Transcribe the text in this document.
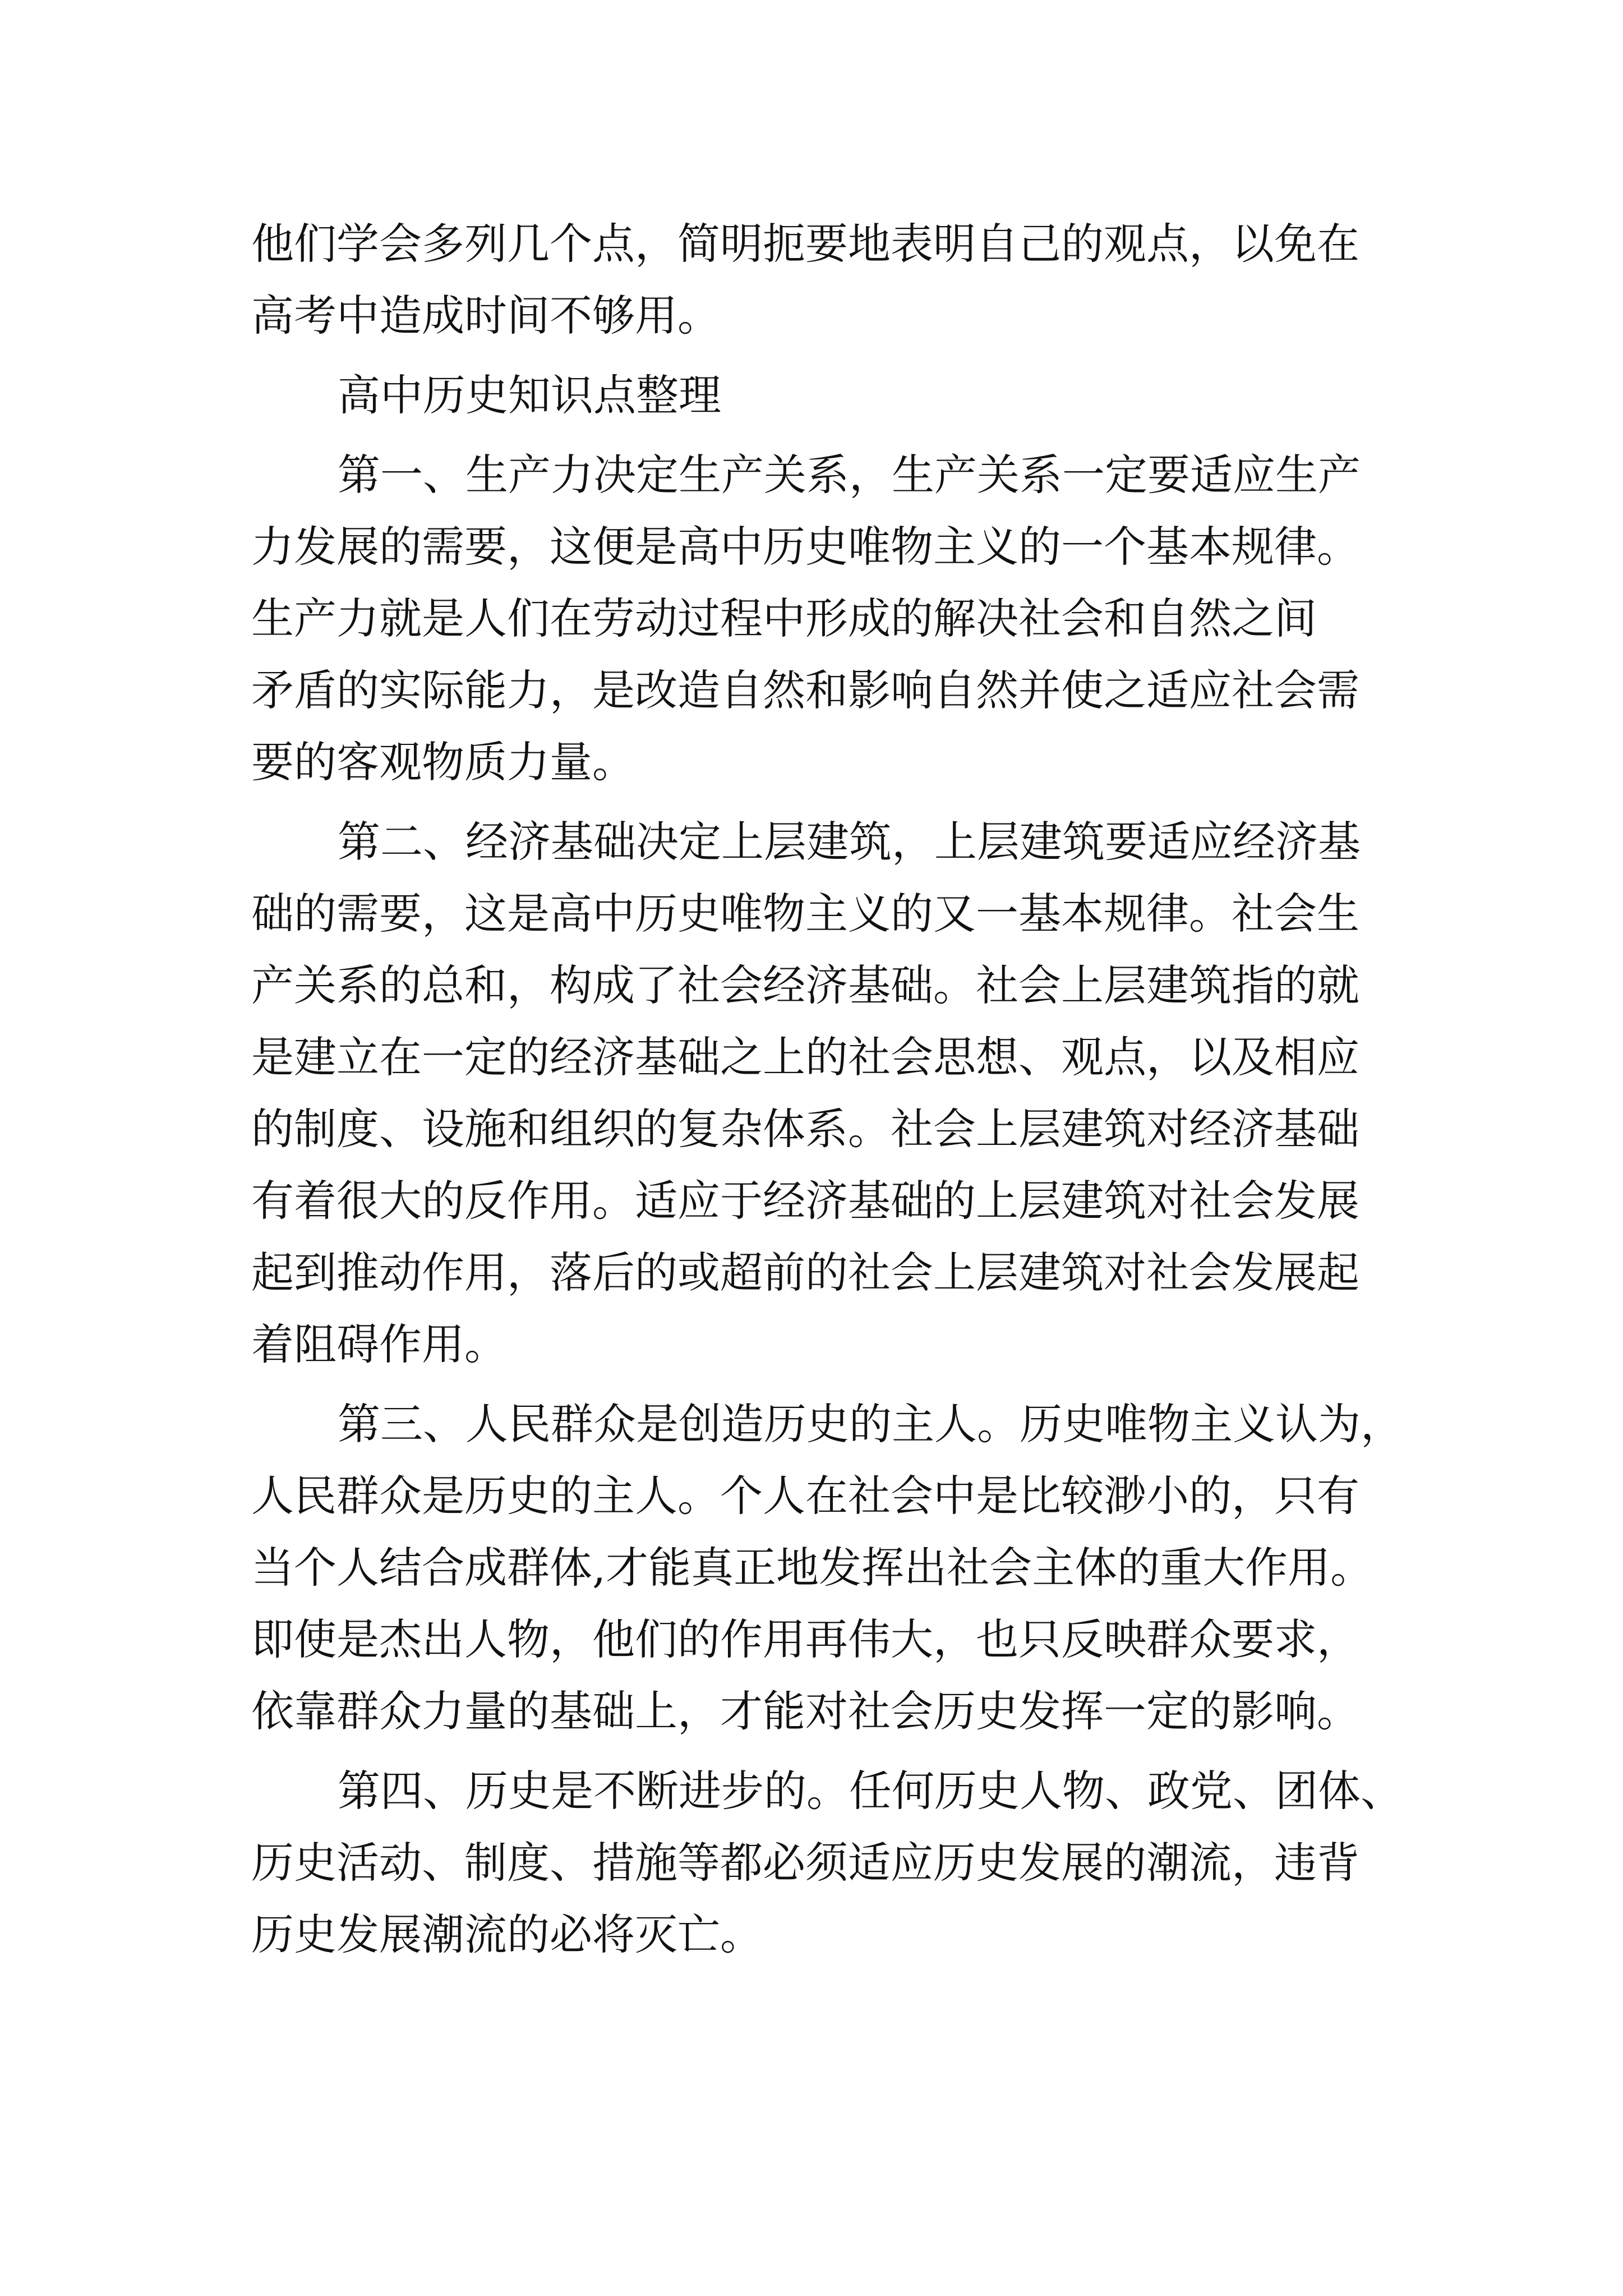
他们学会多列几个点，简明扼要地表明自己的观点，以免在

高考中造成时间不够用。

高中历史知识点整理

第一、生产力决定生产关系，生产关系一定要适应生产

力发展的需要，这便是高中历史唯物主义的一个基本规律。

生产力就是人们在劳动过程中形成的解决社会和自然之间

矛盾的实际能力，是改造自然和影响自然并使之适应社会需

要的客观物质力量。

第二、经济基础决定上层建筑，上层建筑要适应经济基

础的需要，这是高中历史唯物主义的又一基本规律。社会生

产关系的总和，构成了社会经济基础。社会上层建筑指的就

是建立在一定的经济基础之上的社会思想、观点，以及相应

的制度、设施和组织的复杂体系。社会上层建筑对经济基础

有着很大的反作用。适应于经济基础的上层建筑对社会发展

起到推动作用，落后的或超前的社会上层建筑对社会发展起

着阻碍作用。

第三、人民群众是创造历史的主人。历史唯物主义认为，

人民群众是历史的主人。个人在社会中是比较渺小的，只有

当个人结合成群体,才能真正地发挥出社会主体的重大作用。

即使是杰出人物，他们的作用再伟大，也只反映群众要求，

依靠群众力量的基础上，才能对社会历史发挥一定的影响。

第四、历史是不断进步的。任何历史人物、政党、团体、

历史活动、制度、措施等都必须适应历史发展的潮流，违背

历史发展潮流的必将灭亡。
